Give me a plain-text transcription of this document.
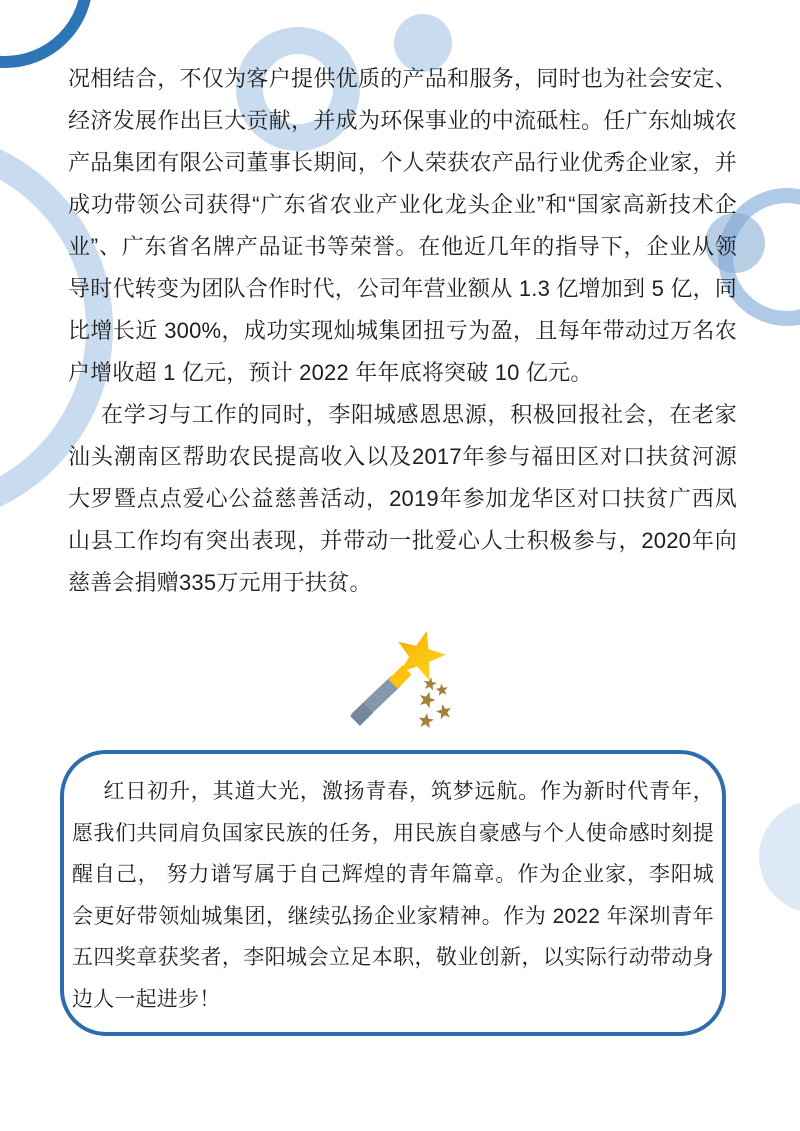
况相结合，不仅为客户提供优质的产品和服务，同时也为社会安定、经济发展作出巨大贡献，并成为环保事业的中流砥柱。任广东灿城农产品集团有限公司董事长期间，个人荣获农产品行业优秀企业家，并成功带领公司获得“广东省农业产业化龙头企业”和“国家高新技术企业”、广东省名牌产品证书等荣誉。在他近几年的指导下，企业从领导时代转变为团队合作时代，公司年营业额从 1.3 亿增加到 5 亿，同比增长近 300%，成功实现灿城集团扭亏为盈，且每年带动过万名农户增收超 1 亿元，预计 2022 年年底将突破 10 亿元。

在学习与工作的同时，李阳城感恩思源，积极回报社会，在老家汕头潮南区帮助农民提高收入以及2017年参与福田区对口扶贫河源大罗暨点点爱心公益慈善活动，2019年参加龙华区对口扶贫广西凤山县工作均有突出表现，并带动一批爱心人士积极参与，2020年向慈善会捐赠335万元用于扶贫。

红日初升，其道大光，激扬青春，筑梦远航。作为新时代青年，愿我们共同肩负国家民族的任务，用民族自豪感与个人使命感时刻提醒自己， 努力谱写属于自己辉煌的青年篇章。作为企业家，李阳城会更好带领灿城集团，继续弘扬企业家精神。作为 2022 年深圳青年五四奖章获奖者，李阳城会立足本职，敬业创新，以实际行动带动身边人一起进步！
